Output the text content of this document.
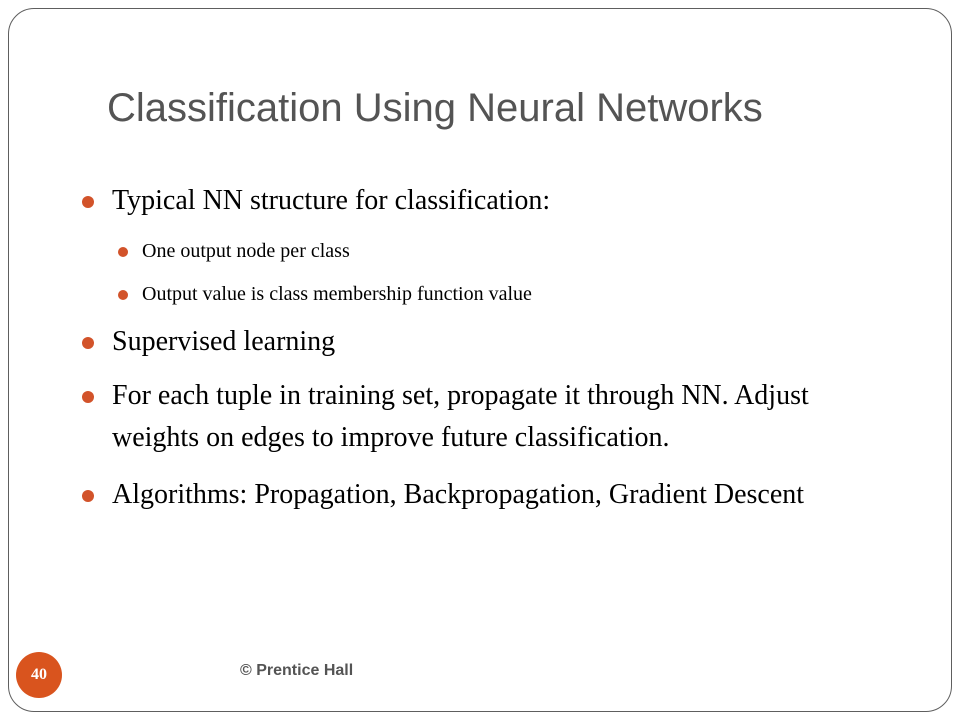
Classification Using Neural Networks
Typical NN structure for classification:
One output node per class
Output value is class membership function value
Supervised learning
For each tuple in training set, propagate it through NN. Adjust weights on edges to improve future classification.
Algorithms: Propagation, Backpropagation, Gradient Descent
© Prentice Hall
40
